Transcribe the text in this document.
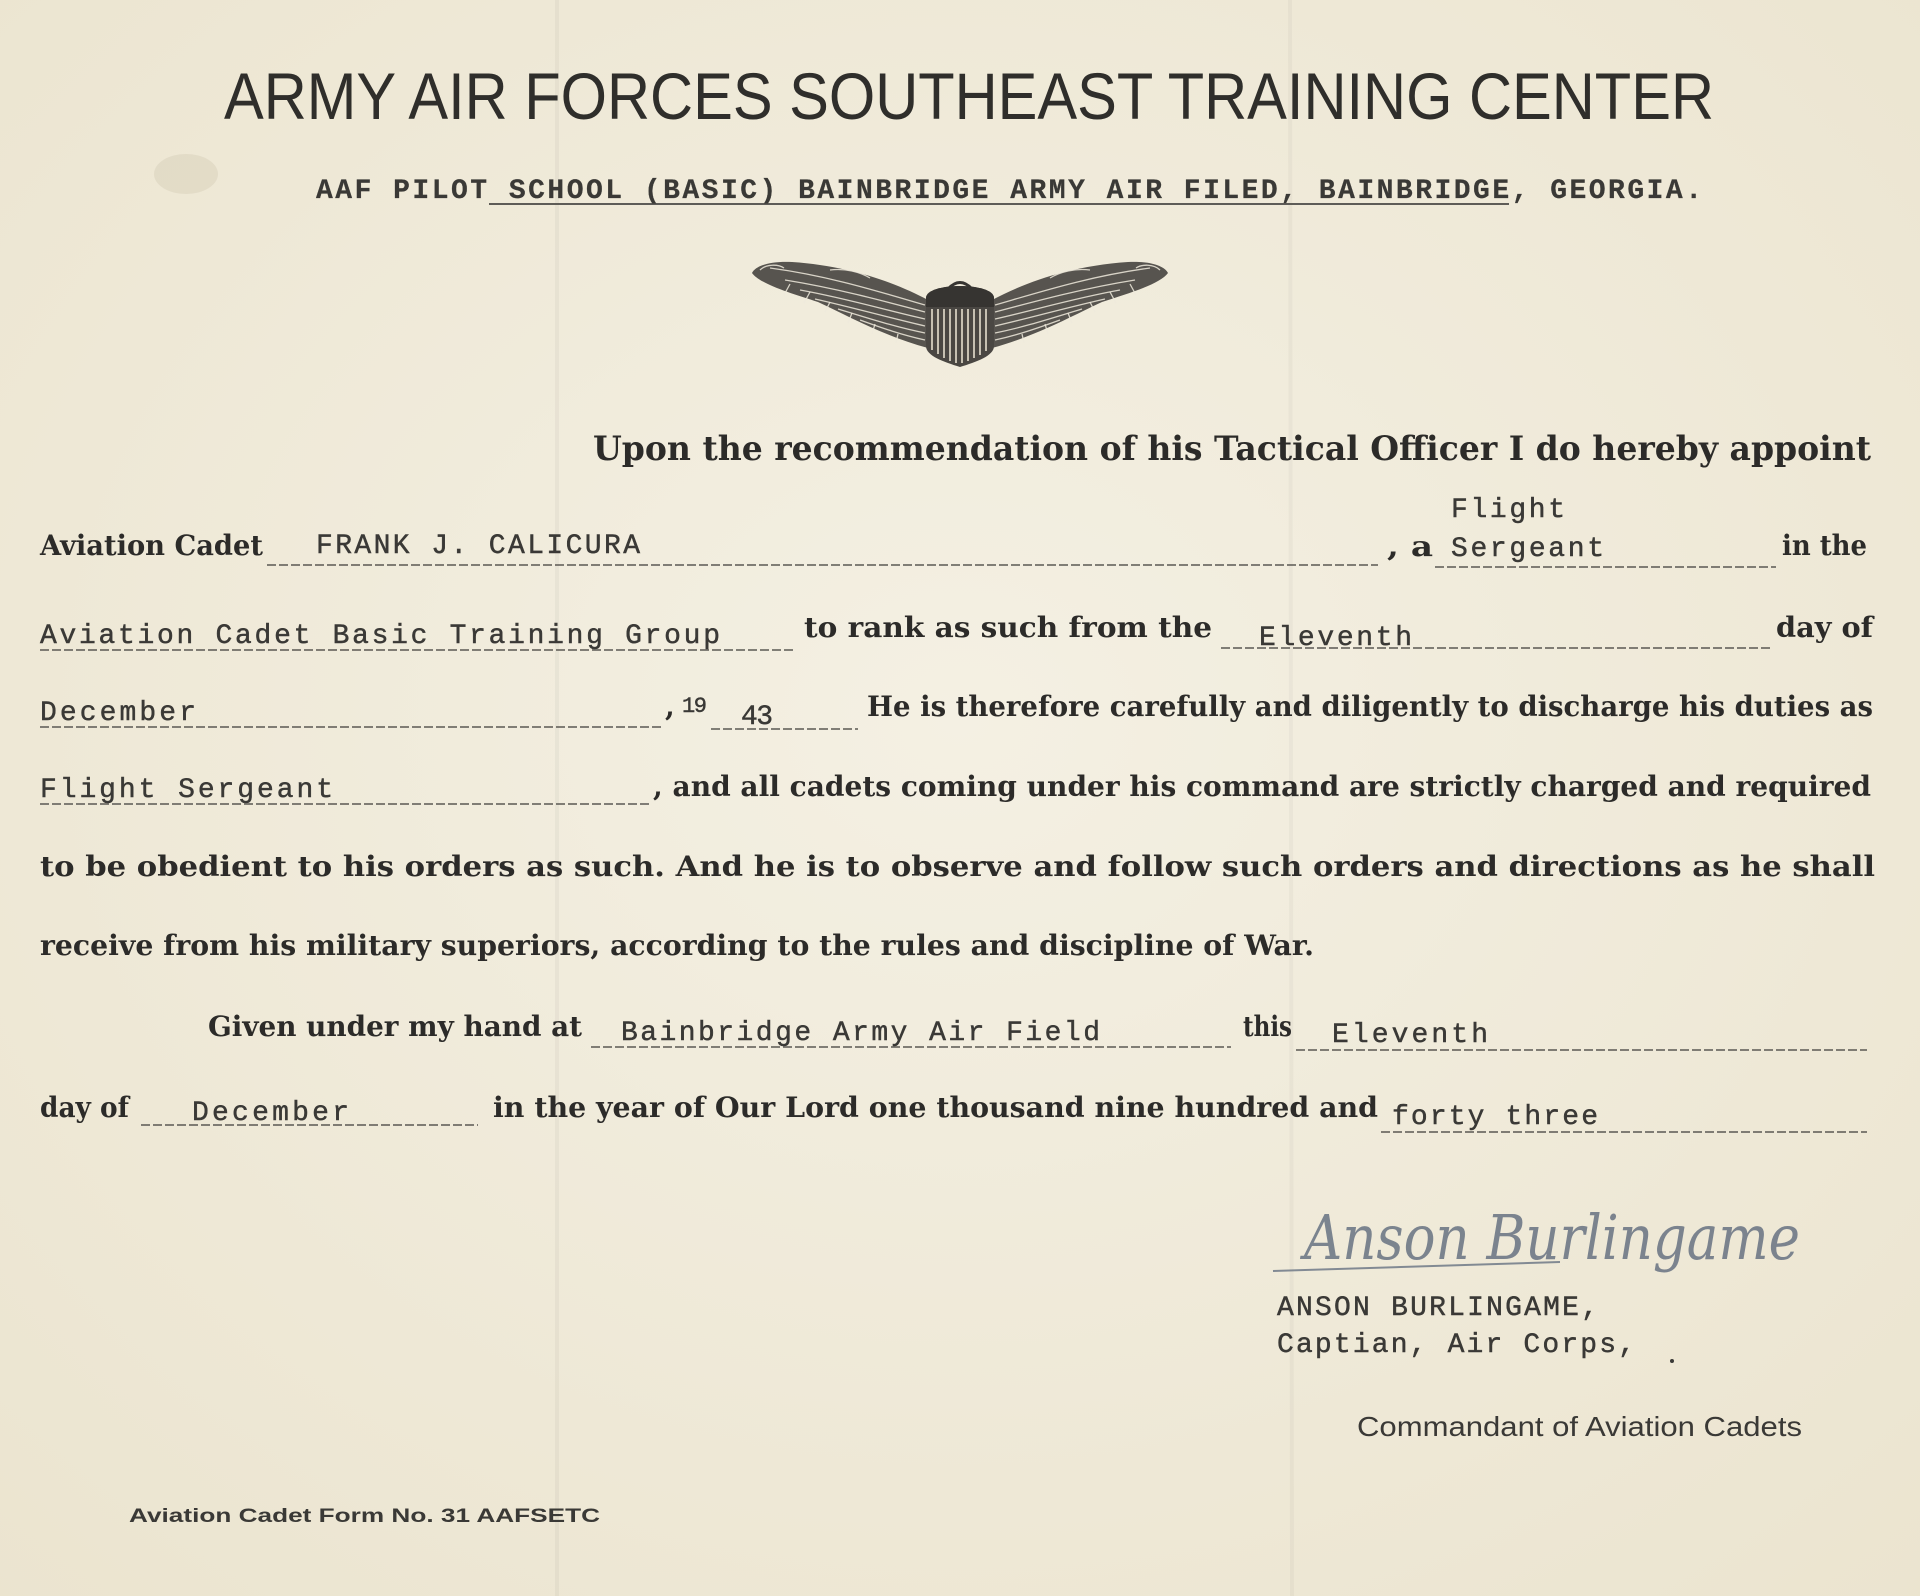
ARMY AIR FORCES SOUTHEAST TRAINING CENTER
AAF PILOT SCHOOL (BASIC) BAINBRIDGE ARMY AIR FILED, BAINBRIDGE, GEORGIA.
Upon the recommendation of his Tactical Officer I do hereby appoint
Flight
Aviation Cadet FRANK J. CALICURA	, a Sergeant	in the
Aviation Cadet Basic Training Group	to rank as such from the Eleventh	day of
December	, 19 43	He is therefore carefully and diligently to discharge his duties as
Flight Sergeant	, and all cadets coming under his command are strictly charged and required
to be obedient to his orders as such. And he is to observe and follow such orders and directions as he shall
receive from his military superiors, according to the rules and discipline of War.
Given under my hand at Bainbridge Army Air Field	this Eleventh
day of December	in the year of Our Lord one thousand nine hundred and forty three
Anson Burlingame
ANSON BURLINGAME,
Captian, Air Corps,
Commandant of Aviation Cadets
Aviation Cadet Form No. 31 AAFSETC
